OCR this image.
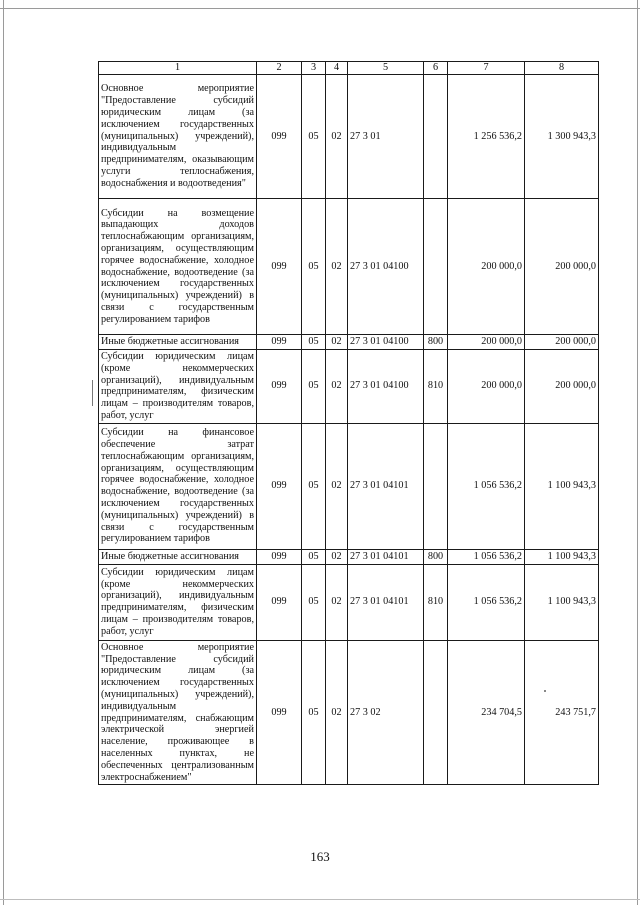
1	2	3	4	5	6	7	8
Основное мероприятие "Предоставление субсидий юридическим лицам (за исключением государственных (муниципальных) учреждений), индивидуальным предпринимателям, оказывающим услуги теплоснабжения, водоснабжения и водоотведения"	099	05	02	27 3 01		1 256 536,2	1 300 943,3
Субсидии на возмещение выпадающих доходов теплоснабжающим организациям, организациям, осуществляющим горячее водоснабжение, холодное водоснабжение, водоотведение (за исключением государственных (муниципальных) учреждений) в связи с государственным регулированием тарифов	099	05	02	27 3 01 04100		200 000,0	200 000,0
Иные бюджетные ассигнования	099	05	02	27 3 01 04100	800	200 000,0	200 000,0
Субсидии юридическим лицам (кроме некоммерческих организаций), индивидуальным предпринимателям, физическим лицам – производителям товаров, работ, услуг	099	05	02	27 3 01 04100	810	200 000,0	200 000,0
Субсидии на финансовое обеспечение затрат теплоснабжающим организациям, организациям, осуществляющим горячее водоснабжение, холодное водоснабжение, водоотведение (за исключением государственных (муниципальных) учреждений) в связи с государственным регулированием тарифов	099	05	02	27 3 01 04101		1 056 536,2	1 100 943,3
Иные бюджетные ассигнования	099	05	02	27 3 01 04101	800	1 056 536,2	1 100 943,3
Субсидии юридическим лицам (кроме некоммерческих организаций), индивидуальным предпринимателям, физическим лицам – производителям товаров, работ, услуг	099	05	02	27 3 01 04101	810	1 056 536,2	1 100 943,3
Основное мероприятие "Предоставление субсидий юридическим лицам (за исключением государственных (муниципальных) учреждений), индивидуальным предпринимателям, снабжающим электрической энергией население, проживающее в населенных пунктах, не обеспеченных централизованным электроснабжением"	099	05	02	27 3 02		234 704,5	243 751,7
163
